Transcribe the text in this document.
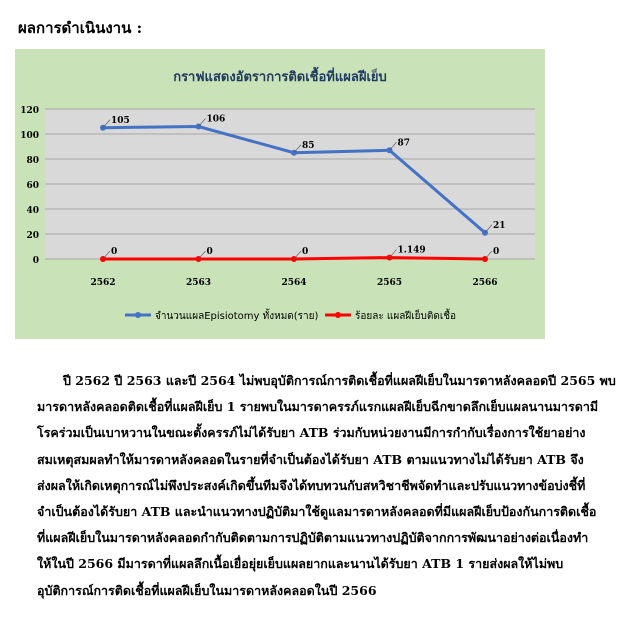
ผลการดำเนินงาน :
กราฟแสดงอัตราการติดเชื้อที่แผลฝีเย็บ
0
20
40
60
80
100
120
2562	2563	2564	2565	2566
105	106
85	87
21
0	0	0	1.149	0
จำนวนแผลEpisiotomy ทั้งหมด(ราย)	ร้อยละ แผลฝีเย็บติดเชื้อ
ปี 2562 ปี 2563 และปี 2564 ไม่พบอุบัติการณ์การติดเชื้อที่แผลฝีเย็บในมารดาหลังคลอดปี 2565 พบ
มารดาหลังคลอดติดเชื้อที่แผลฝีเย็บ 1 รายพบในมารดาครรภ์แรกแผลฝีเย็บฉีกขาดลึกเย็บแผลนานมารดามี
โรคร่วมเป็นเบาหวานในขณะตั้งครรภ์ไม่ได้รับยา ATB ร่วมกับหน่วยงานมีการกำกับเรื่องการใช้ยาอย่าง
สมเหตุสมผลทำให้มารดาหลังคลอดในรายที่จำเป็นต้องได้รับยา ATB ตามแนวทางไม่ได้รับยา ATB จึง
ส่งผลให้เกิดเหตุการณ์ไม่พึงประสงค์เกิดขึ้นทีมจึงได้ทบทวนกับสหวิชาชีพจัดทำและปรับแนวทางข้อบ่งชี้ที่
จำเป็นต้องได้รับยา ATB และนำแนวทางปฏิบัติมาใช้ดูแลมารดาหลังคลอดที่มีแผลฝีเย็บป้องกันการติดเชื้อ
ที่แผลฝีเย็บในมารดาหลังคลอดกำกับติดตามการปฏิบัติตามแนวทางปฏิบัติจากการพัฒนาอย่างต่อเนื่องทำ
ให้ในปี 2566 มีมารดาที่แผลลึกเนื้อเยื่อยุ่ยเย็บแผลยากและนานได้รับยา ATB 1 รายส่งผลให้ไม่พบ
อุบัติการณ์การติดเชื้อที่แผลฝีเย็บในมารดาหลังคลอดในปี 2566
